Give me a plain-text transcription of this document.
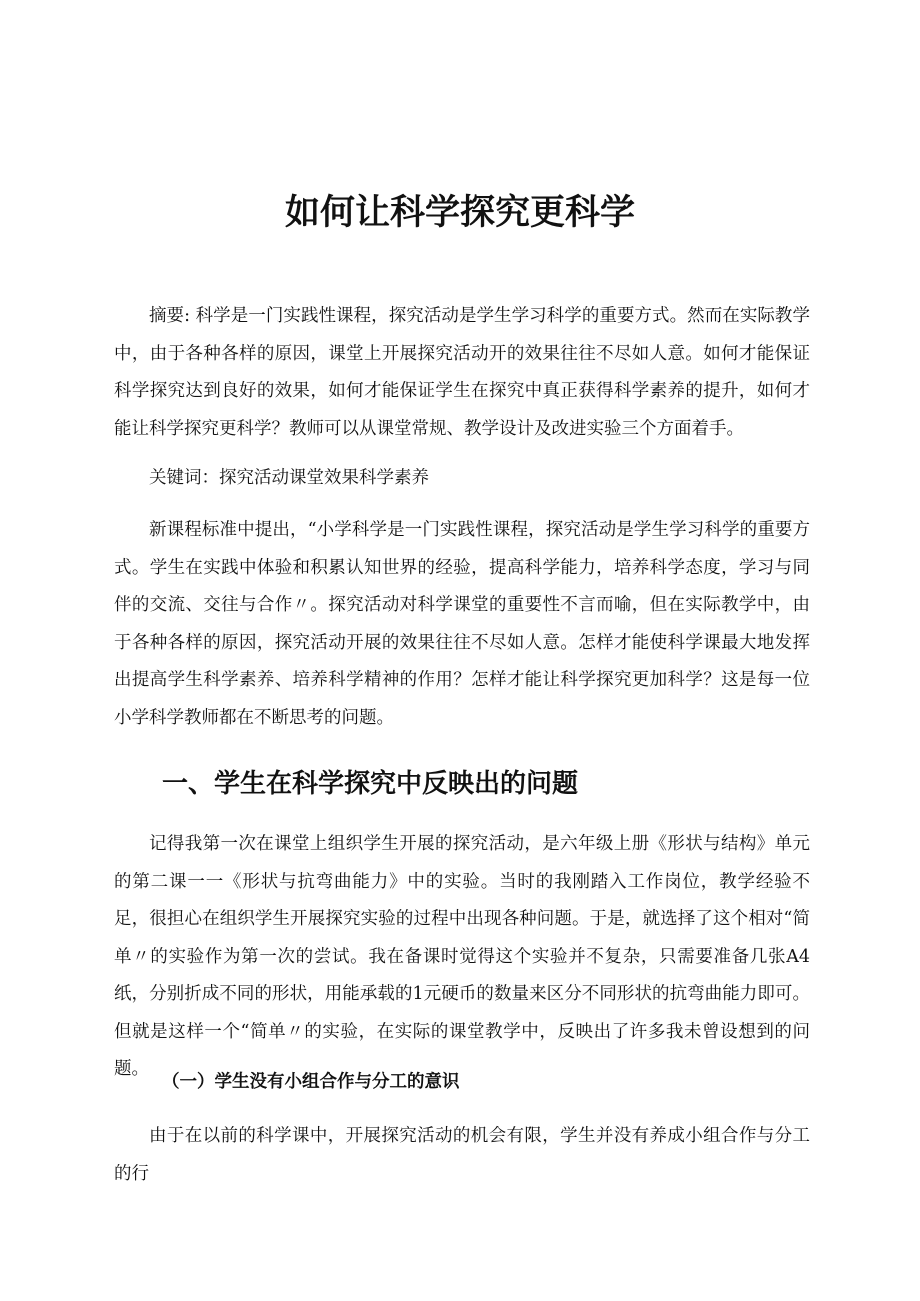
如何让科学探究更科学

摘要: 科学是一门实践性课程，探究活动是学生学习科学的重要方式。然而在实际教学中，由于各种各样的原因，课堂上开展探究活动开的效果往往不尽如人意。如何才能保证科学探究达到良好的效果，如何才能保证学生在探究中真正获得科学素养的提升，如何才能让科学探究更科学？教师可以从课堂常规、教学设计及改进实验三个方面着手。

关键词：探究活动课堂效果科学素养

新课程标准中提出，“小学科学是一门实践性课程，探究活动是学生学习科学的重要方式。学生在实践中体验和积累认知世界的经验，提高科学能力，培养科学态度，学习与同伴的交流、交往与合作〃。探究活动对科学课堂的重要性不言而喻，但在实际教学中，由于各种各样的原因，探究活动开展的效果往往不尽如人意。怎样才能使科学课最大地发挥出提高学生科学素养、培养科学精神的作用？怎样才能让科学探究更加科学？这是每一位小学科学教师都在不断思考的问题。

一、学生在科学探究中反映出的问题

记得我第一次在课堂上组织学生开展的探究活动，是六年级上册《形状与结构》单元的第二课一一《形状与抗弯曲能力》中的实验。当时的我刚踏入工作岗位，教学经验不足，很担心在组织学生开展探究实验的过程中出现各种问题。于是，就选择了这个相对“简单〃的实验作为第一次的尝试。我在备课时觉得这个实验并不复杂，只需要准备几张A4纸，分别折成不同的形状，用能承载的1元硬币的数量来区分不同形状的抗弯曲能力即可。但就是这样一个“简单〃的实验，在实际的课堂教学中，反映出了许多我未曾设想到的问题。

（一）学生没有小组合作与分工的意识

由于在以前的科学课中，开展探究活动的机会有限，学生并没有养成小组合作与分工的行
